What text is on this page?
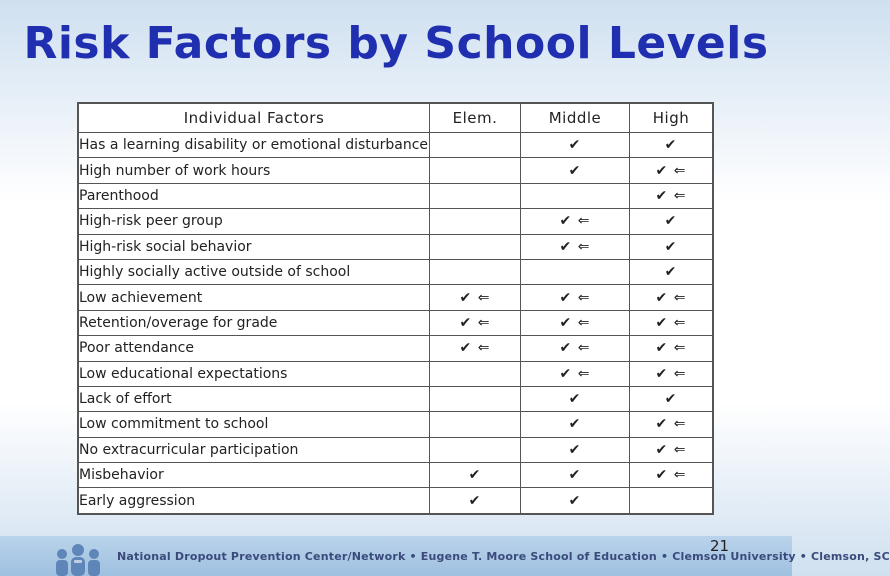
Risk Factors by School Levels
Individual Factors	Elem.	Middle	High
Has a learning disability or emotional disturbance		✔	✔
High number of work hours		✔	✔ ⇐
Parenthood			✔ ⇐
High-risk peer group		✔ ⇐	✔
High-risk social behavior		✔ ⇐	✔
Highly socially active outside of school			✔
Low achievement	✔ ⇐	✔ ⇐	✔ ⇐
Retention/overage for grade	✔ ⇐	✔ ⇐	✔ ⇐
Poor attendance	✔ ⇐	✔ ⇐	✔ ⇐
Low educational expectations		✔ ⇐	✔ ⇐
Lack of effort		✔	✔
Low commitment to school		✔	✔ ⇐
No extracurricular participation		✔	✔ ⇐
Misbehavior	✔	✔	✔ ⇐
Early aggression	✔	✔	
National Dropout Prevention Center/Network • Eugene T. Moore School of Education • Clemson University • Clemson, SC
21
